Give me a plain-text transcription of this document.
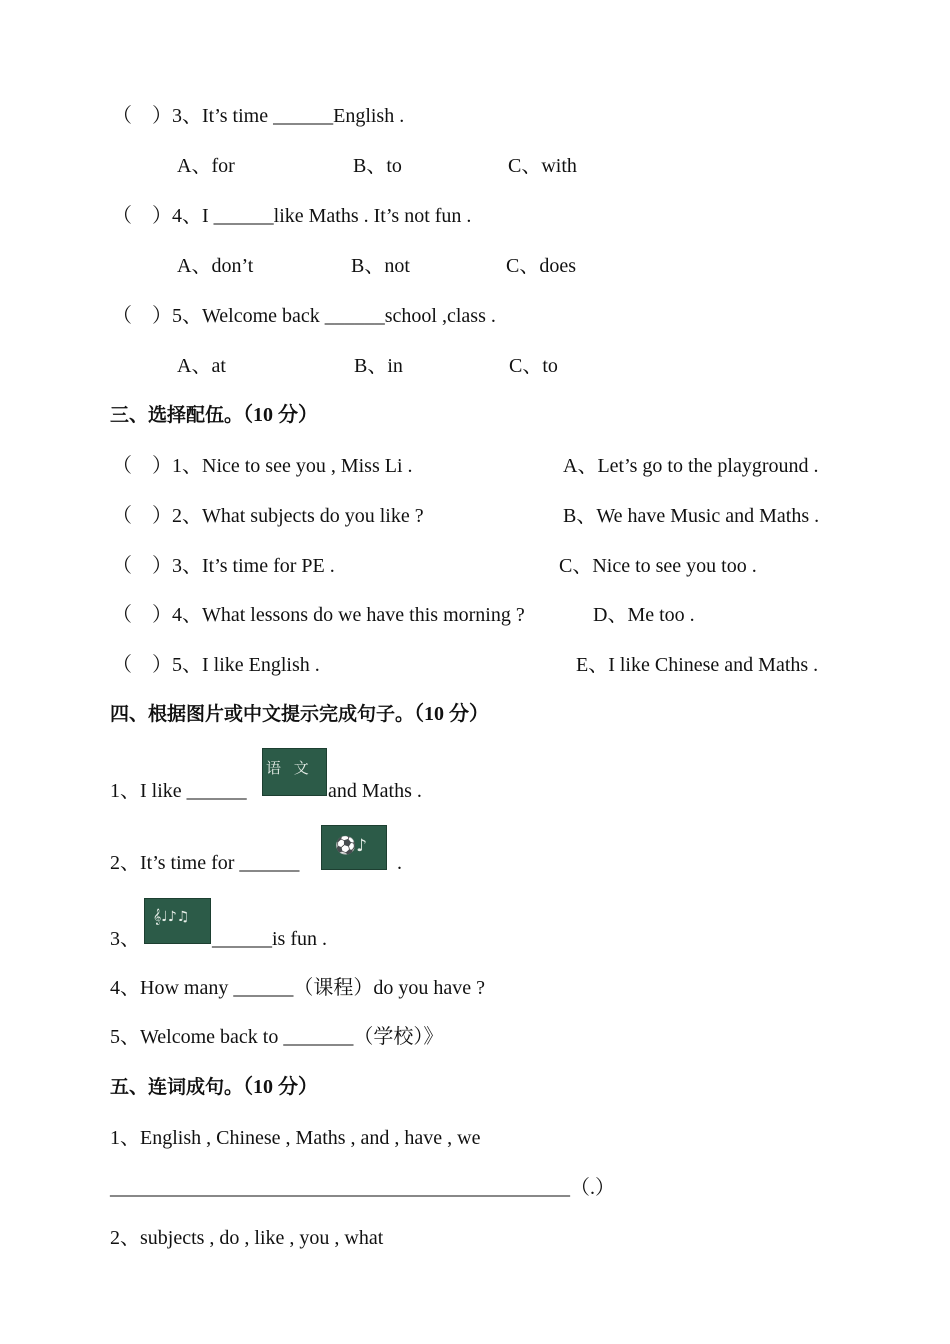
（    ）3、It’s time ______English .
A、for	B、to	C、with
（    ）4、I ______like Maths . It’s not fun .
A、don’t	B、not	C、does
（    ）5、Welcome back ______school ,class .
A、at	B、in	C、to
三、选择配伍。（10 分）
（    ）1、Nice to see you , Miss Li .	A、Let’s go to the playground .
（    ）2、What subjects do you like ?	B、We have Music and Maths .
（    ）3、It’s time for PE .	C、Nice to see you too .
（    ）4、What lessons do we have this morning ?	D、Me too .
（    ）5、I like English .	E、I like Chinese and Maths .
四、根据图片或中文提示完成句子。（10 分）
1、I like ______
语 文
and Maths .
2、It’s time for ______
⚽♪
.
3、
𝄞♩♪♫
______is fun .
4、How many ______（课程）do you have ?
5、Welcome back to _______（学校）》
五、连词成句。（10 分）
1、English , Chinese , Maths , and , have , we
______________________________________________（.）
2、subjects , do , like , you , what
